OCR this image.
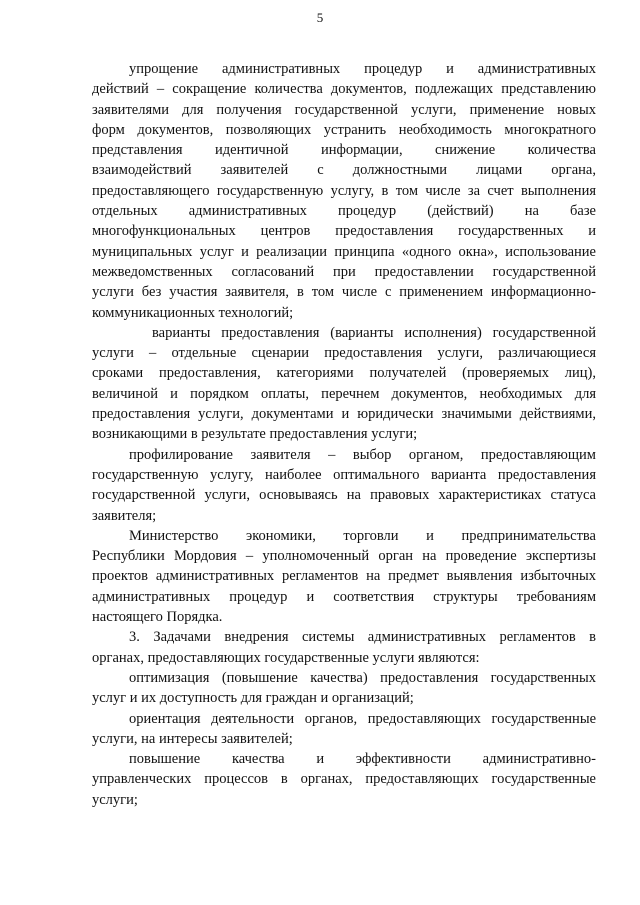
5
упрощение административных процедур и административных
действий – сокращение количества документов, подлежащих представлению
заявителями для получения государственной услуги, применение новых
форм документов, позволяющих устранить необходимость многократного
представления идентичной информации, снижение количества
взаимодействий заявителей с должностными лицами органа,
предоставляющего государственную услугу, в том числе за счет выполнения
отдельных административных процедур (действий) на базе
многофункциональных центров предоставления государственных и
муниципальных услуг и реализации принципа «одного окна», использование
межведомственных согласований при предоставлении государственной
услуги без участия заявителя, в том числе с применением информационно-
коммуникационных технологий;
варианты предоставления (варианты исполнения) государственной
услуги – отдельные сценарии предоставления услуги, различающиеся
сроками предоставления, категориями получателей (проверяемых лиц),
величиной и порядком оплаты, перечнем документов, необходимых для
предоставления услуги, документами и юридически значимыми действиями,
возникающими в результате предоставления услуги;
профилирование заявителя – выбор органом, предоставляющим
государственную услугу, наиболее оптимального варианта предоставления
государственной услуги, основываясь на правовых характеристиках статуса
заявителя;
Министерство экономики, торговли и предпринимательства
Республики Мордовия – уполномоченный орган на проведение экспертизы
проектов административных регламентов на предмет выявления избыточных
административных процедур и соответствия структуры требованиям
настоящего Порядка.
3. Задачами внедрения системы административных регламентов в
органах, предоставляющих государственные услуги являются:
оптимизация (повышение качества) предоставления государственных
услуг и их доступность для граждан и организаций;
ориентация деятельности органов, предоставляющих государственные
услуги, на интересы заявителей;
повышение качества и эффективности административно-
управленческих процессов в органах, предоставляющих государственные
услуги;
